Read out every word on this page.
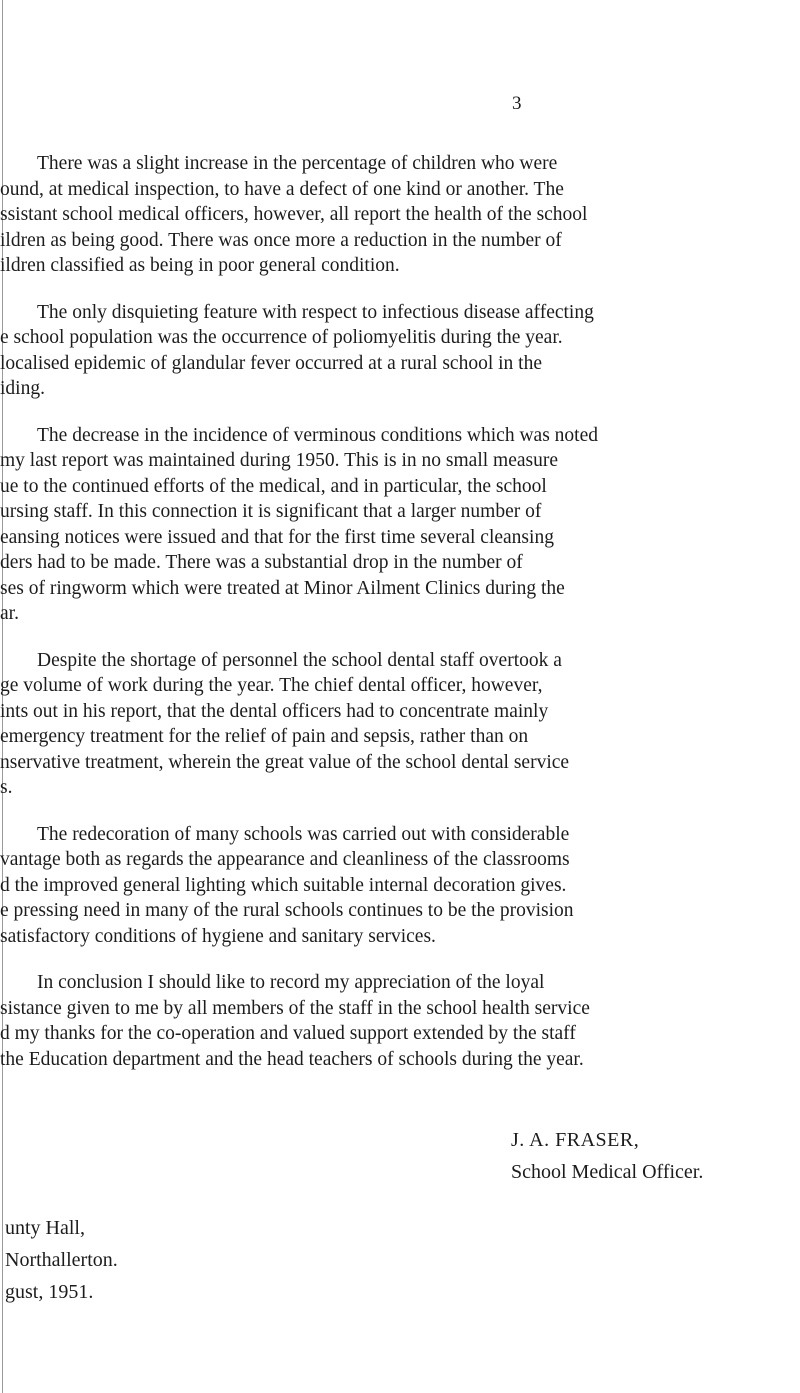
3

There was a slight increase in the percentage of children who were
ound, at medical inspection, to have a defect of one kind or another. The
ssistant school medical officers, however, all report the health of the school
ildren as being good. There was once more a reduction in the number of
ildren classified as being in poor general condition.

The only disquieting feature with respect to infectious disease affecting
e school population was the occurrence of poliomyelitis during the year.
localised epidemic of glandular fever occurred at a rural school in the
iding.

The decrease in the incidence of verminous conditions which was noted
my last report was maintained during 1950. This is in no small measure
ue to the continued efforts of the medical, and in particular, the school
ursing staff. In this connection it is significant that a larger number of
eansing notices were issued and that for the first time several cleansing
ders had to be made. There was a substantial drop in the number of
ses of ringworm which were treated at Minor Ailment Clinics during the
ar.

Despite the shortage of personnel the school dental staff overtook a
ge volume of work during the year. The chief dental officer, however,
ints out in his report, that the dental officers had to concentrate mainly
emergency treatment for the relief of pain and sepsis, rather than on
nservative treatment, wherein the great value of the school dental service
s.

The redecoration of many schools was carried out with considerable
vantage both as regards the appearance and cleanliness of the classrooms
d the improved general lighting which suitable internal decoration gives.
e pressing need in many of the rural schools continues to be the provision
satisfactory conditions of hygiene and sanitary services.

In conclusion I should like to record my appreciation of the loyal
sistance given to me by all members of the staff in the school health service
d my thanks for the co-operation and valued support extended by the staff
the Education department and the head teachers of schools during the year.

J. A. FRASER,
School Medical Officer.
unty Hall,
Northallerton.
gust, 1951.
